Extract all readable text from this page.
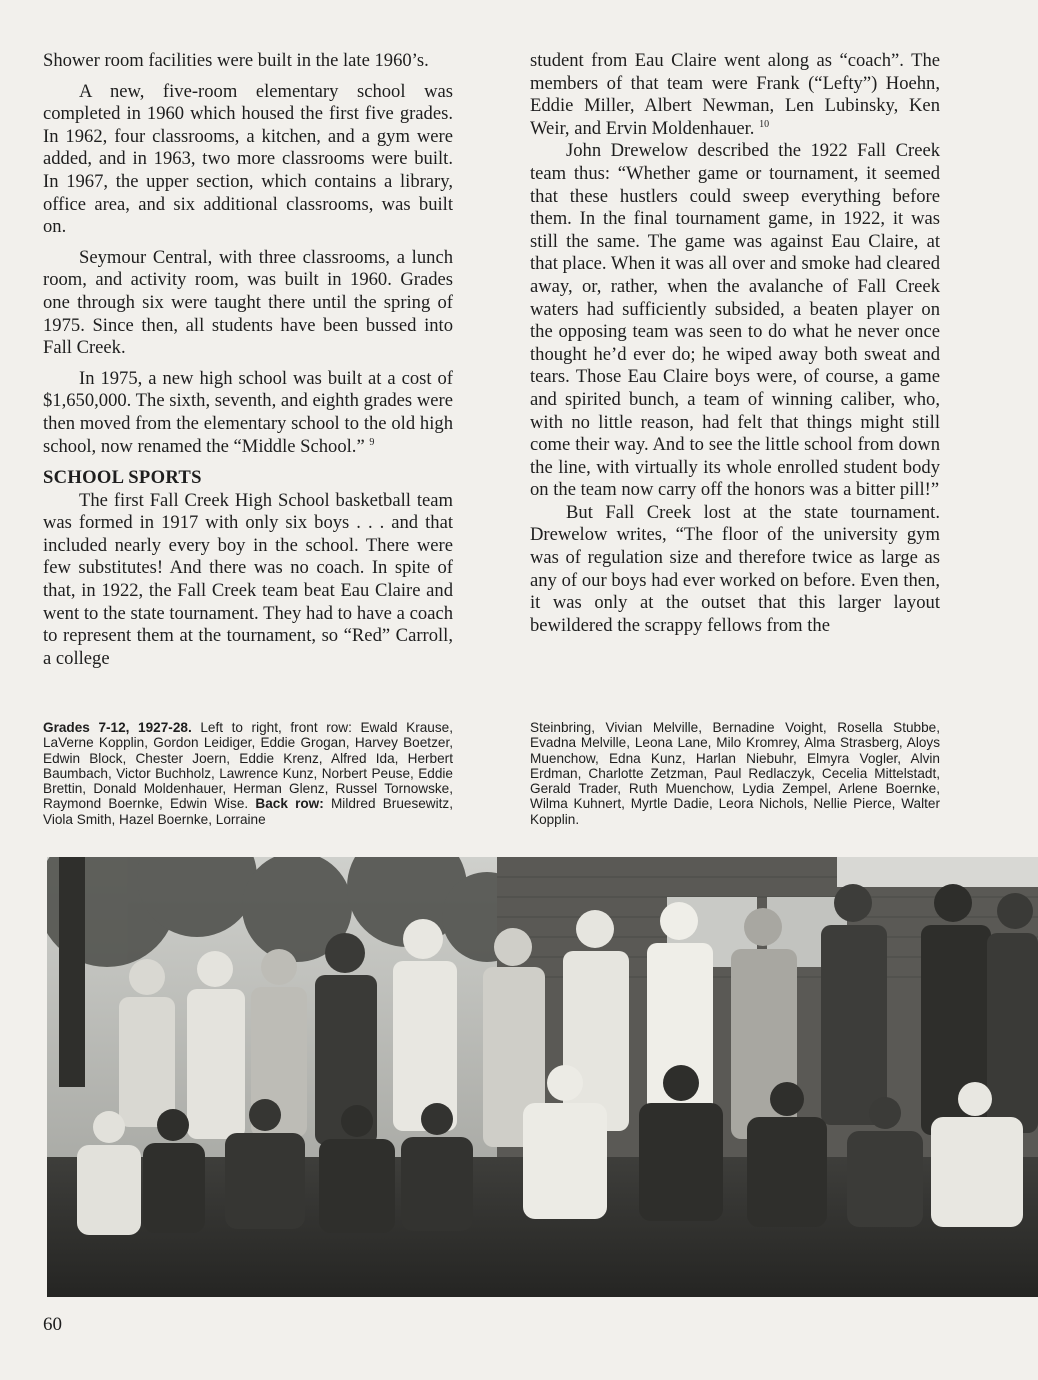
Shower room facilities were built in the late 1960’s.

A new, five-room elementary school was completed in 1960 which housed the first five grades. In 1962, four classrooms, a kitchen, and a gym were added, and in 1963, two more classrooms were built. In 1967, the upper section, which contains a library, office area, and six additional classrooms, was built on.

Seymour Central, with three classrooms, a lunch room, and activity room, was built in 1960. Grades one through six were taught there until the spring of 1975. Since then, all students have been bussed into Fall Creek.

In 1975, a new high school was built at a cost of $1,650,000. The sixth, seventh, and eighth grades were then moved from the elementary school to the old high school, now renamed the “Middle School.” $^9$

SCHOOL SPORTS

The first Fall Creek High School basketball team was formed in 1917 with only six boys . . . and that included nearly every boy in the school. There were few substitutes! And there was no coach. In spite of that, in 1922, the Fall Creek team beat Eau Claire and went to the state tournament. They had to have a coach to represent them at the tournament, so “Red” Carroll, a college

student from Eau Claire went along as “coach”. The members of that team were Frank (“Lefty”) Hoehn, Eddie Miller, Albert Newman, Len Lubinsky, Ken Weir, and Ervin Moldenhauer. $^{10}$

John Drewelow described the 1922 Fall Creek team thus: “Whether game or tournament, it seemed that these hustlers could sweep everything before them. In the final tournament game, in 1922, it was still the same. The game was against Eau Claire, at that place. When it was all over and smoke had cleared away, or, rather, when the avalanche of Fall Creek waters had sufficiently subsided, a beaten player on the opposing team was seen to do what he never once thought he’d ever do; he wiped away both sweat and tears. Those Eau Claire boys were, of course, a game and spirited bunch, a team of winning caliber, who, with no little reason, had felt that things might still come their way. And to see the little school from down the line, with virtually its whole enrolled student body on the team now carry off the honors was a bitter pill!”

But Fall Creek lost at the state tournament. Drewelow writes, “The floor of the university gym was of regulation size and therefore twice as large as any of our boys had ever worked on before. Even then, it was only at the outset that this larger layout bewildered the scrappy fellows from the

Grades 7-12, 1927-28. Left to right, front row: Ewald Krause, LaVerne Kopplin, Gordon Leidiger, Eddie Grogan, Harvey Boetzer, Edwin Block, Chester Joern, Eddie Krenz, Alfred Ida, Herbert Baumbach, Victor Buchholz, Lawrence Kunz, Norbert Peuse, Eddie Brettin, Donald Moldenhauer, Herman Glenz, Russel Tornowske, Raymond Boernke, Edwin Wise. Back row: Mildred Bruesewitz, Viola Smith, Hazel Boernke, Lorraine
Steinbring, Vivian Melville, Bernadine Voight, Rosella Stubbe, Evadna Melville, Leona Lane, Milo Kromrey, Alma Strasberg, Aloys Muenchow, Edna Kunz, Harlan Niebuhr, Elmyra Vogler, Alvin Erdman, Charlotte Zetzman, Paul Redlaczyk, Cecelia Mittelstadt, Gerald Trader, Ruth Muenchow, Lydia Zempel, Arlene Boernke, Wilma Kuhnert, Myrtle Dadie, Leora Nichols, Nellie Pierce, Walter Kopplin.
60
